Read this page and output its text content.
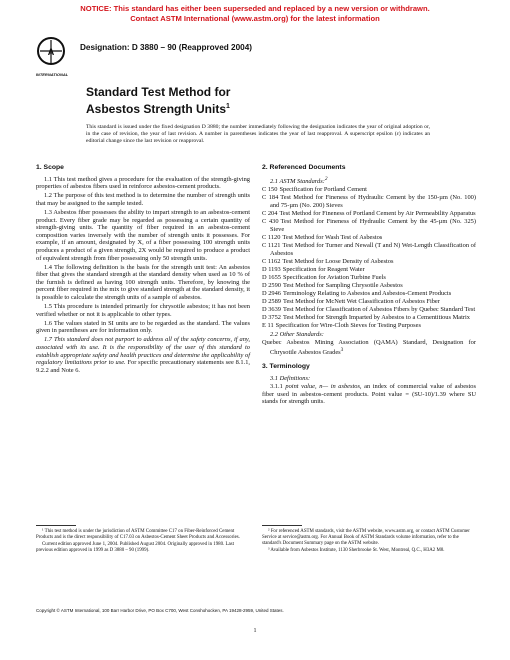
NOTICE: This standard has either been superseded and replaced by a new version or withdrawn.
Contact ASTM International (www.astm.org) for the latest information
A
INTERNATIONAL
Designation: D 3880 – 90 (Reapproved 2004)
Standard Test Method for
Asbestos Strength Units$^1$
This standard is issued under the fixed designation D 3880; the number immediately following the designation indicates the year of original adoption or, in the case of revision, the year of last revision. A number in parentheses indicates the year of last reapproval. A superscript epsilon (ε) indicates an editorial change since the last revision or reapproval.
1. Scope

1.1 This test method gives a procedure for the evaluation of the strength-giving properties of asbestos fibers used in reinforce asbestos-cement products.

1.2 The purpose of this test method is to determine the number of strength units that may be assigned to the sample tested.

1.3 Asbestos fiber possesses the ability to impart strength to an asbestos-cement product. Every fiber grade may be regarded as possessing a certain quantity of strength-giving units. The quantity of fiber required in an asbestos-cement composition varies inversely with the number of strength units it possesses. For example, if an amount, designated by X, of a fiber possessing 100 strength units produces a product of a given strength, 2X would be required to produce a product of equivalent strength from fiber possessing only 50 strength units.

1.4 The following definition is the basis for the strength unit test: An asbestos fiber that gives the standard strength at the standard density when used as 10 % of the furnish is defined as having 100 strength units. Therefore, by knowing the percent fiber required in the mix to give standard strength at the standard density, it is possible to calculate the strength units of a sample of asbestos.

1.5 This procedure is intended primarily for chrysotile asbestos; it has not been verified whether or not it is applicable to other types.

1.6 The values stated in SI units are to be regarded as the standard. The values given in parentheses are for information only.

1.7 This standard does not purport to address all of the safety concerns, if any, associated with its use. It is the responsibility of the user of this standard to establish appropriate safety and health practices and determine the applicability of regulatory limitations prior to use. For specific precautionary statements see 8.1.1, 9.2.2 and Note 6.

2. Referenced Documents
2.1 ASTM Standards:$^2$
C 150 Specification for Portland Cement
C 184 Test Method for Fineness of Hydraulic Cement by the 150-µm (No. 100) and 75-µm (No. 200) Sieves
C 204 Test Method for Fineness of Portland Cement by Air Permeability Apparatus
C 430 Test Method for Fineness of Hydraulic Cement by the 45-µm (No. 325) Sieve
C 1120 Test Method for Wash Test of Asbestos
C 1121 Test Method for Turner and Newall (T and N) Wet-Length Classification of Asbestos
C 1162 Test Method for Loose Density of Asbestos
D 1193 Specification for Reagent Water
D 1655 Specification for Aviation Turbine Fuels
D 2590 Test Method for Sampling Chrysotile Asbestos
D 2946 Terminology Relating to Asbestos and Asbestos-Cement Products
D 2589 Test Method for McNett Wet Classification of Asbestos Fiber
D 3639 Test Method for Classification of Asbestos Fibers by Quebec Standard Test
D 3752 Test Method for Strength Imparted by Asbestos to a Cementitious Matrix
E 11 Specification for Wire-Cloth Sieves for Testing Purposes
2.2 Other Standards:
Quebec Asbestos Mining Association (QAMA) Standard, Designation for Chrysotile Asbestos Grades$^3$
3. Terminology
3.1 Definitions:

3.1.1 point value, n— in asbestos, an index of commercial value of asbestos fiber used in asbestos-cement products. Point value = (SU-10)/1.39 where SU stands for strength units.

¹ This test method is under the jurisdiction of ASTM Committee C17 on Fiber-Reinforced Cement Products and is the direct responsibility of C17.03 on Asbestos-Cement Sheet Products and Accessories.

Current edition approved June 1, 2004. Published August 2004. Originally approved in 1980. Last previous edition approved in 1999 as D 3880 – 90 (1999).

² For referenced ASTM standards, visit the ASTM website, www.astm.org, or contact ASTM Customer Service at service@astm.org. For Annual Book of ASTM Standards volume information, refer to the standard's Document Summary page on the ASTM website.

³ Available from Asbestos Institute, 1130 Sherbrooke St. West, Montreal, Q.C., H3A2 M8.

Copyright © ASTM International, 100 Barr Harbor Drive, PO Box C700, West Conshohocken, PA 19428-2959, United States.
1
